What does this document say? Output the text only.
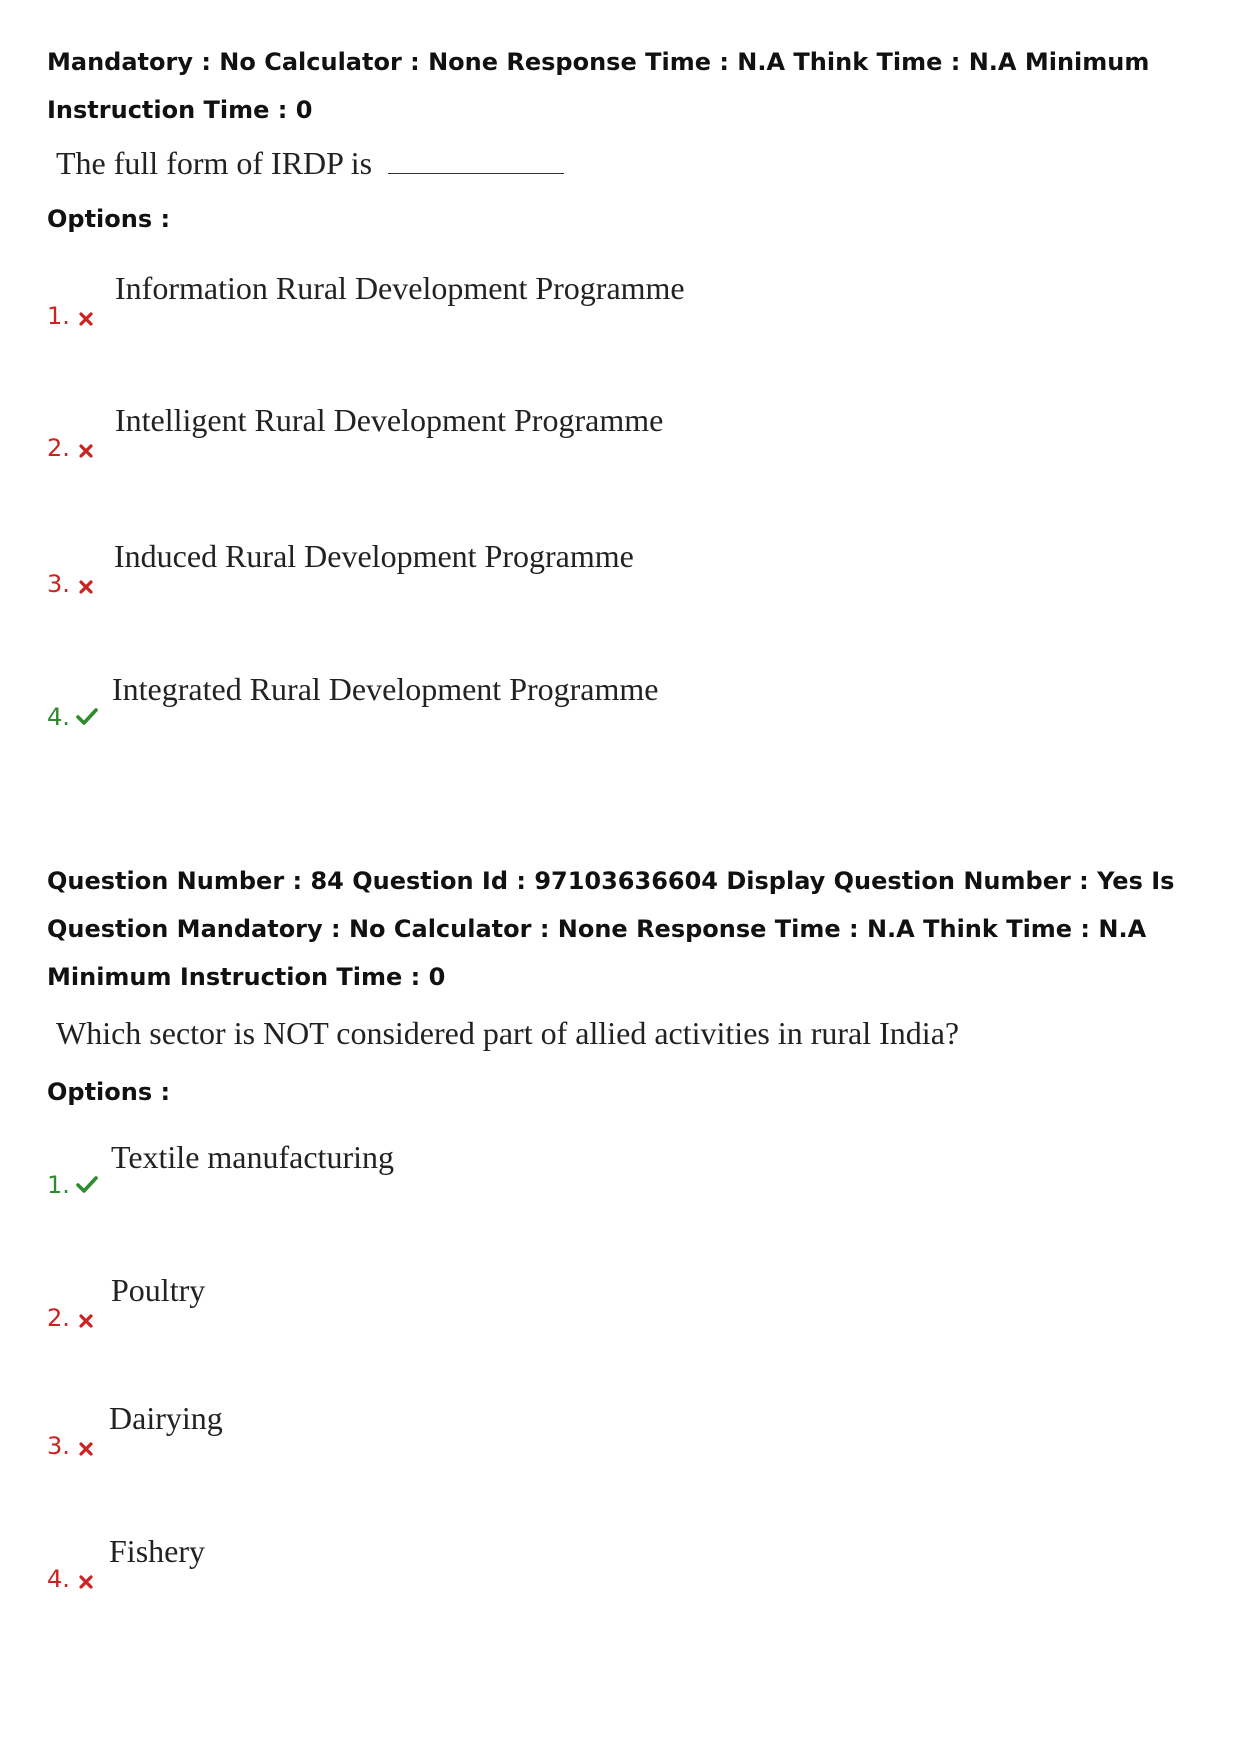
Mandatory : No Calculator : None Response Time : N.A Think Time : N.A Minimum Instruction Time : 0
The full form of IRDP is
Options :
1.
Information Rural Development Programme
2.
Intelligent Rural Development Programme
3.
Induced Rural Development Programme
4.
Integrated Rural Development Programme
Question Number : 84 Question Id : 97103636604 Display Question Number : Yes Is Question Mandatory : No Calculator : None Response Time : N.A Think Time : N.A Minimum Instruction Time : 0
Which sector is NOT considered part of allied activities in rural India?
Options :
1.
Textile manufacturing
2.
Poultry
3.
Dairying
4.
Fishery
